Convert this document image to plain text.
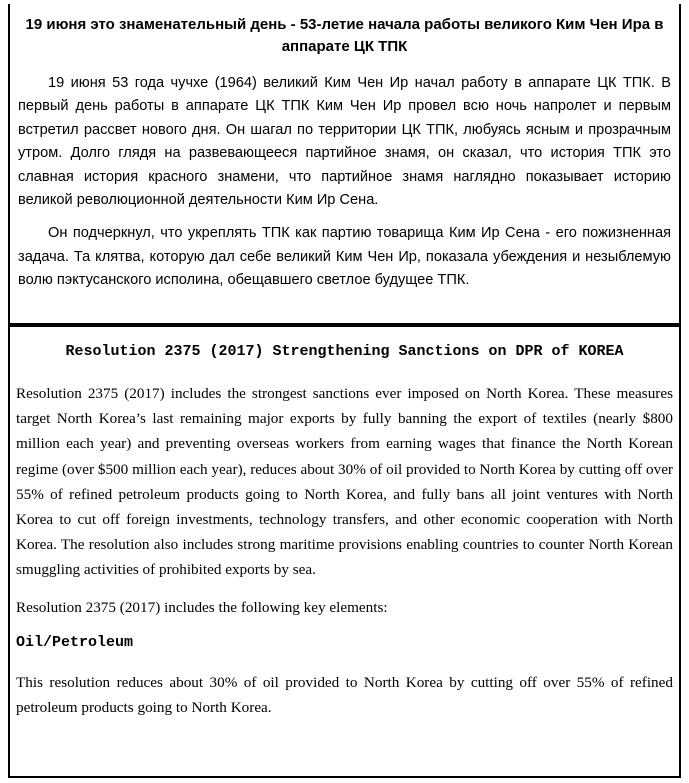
19 июня это знаменательный день - 53-летие начала работы великого Ким Чен Ира в аппарате ЦК ТПК

19 июня 53 года чучхе (1964) великий Ким Чен Ир начал работу в аппарате ЦК ТПК. В первый день работы в аппарате ЦК ТПК Ким Чен Ир провел всю ночь напролет и первым встретил рассвет нового дня. Он шагал по территории ЦК ТПК, любуясь ясным и прозрачным утром. Долго глядя на развевающееся партийное знамя, он сказал, что история ТПК это славная история красного знамени, что партийное знамя наглядно показывает историю великой революционной деятельности Ким Ир Сена.

Он подчеркнул, что укреплять ТПК как партию товарища Ким Ир Сена - его пожизненная задача. Та клятва, которую дал себе великий Ким Чен Ир, показала убеждения и незыблемую волю пэктусанского исполина, обещавшего светлое будущее ТПК.

Resolution 2375 (2017) Strengthening Sanctions on DPR of KOREA

Resolution 2375 (2017) includes the strongest sanctions ever imposed on North Korea. These measures target North Korea’s last remaining major exports by fully banning the export of textiles (nearly $800 million each year) and preventing overseas workers from earning wages that finance the North Korean regime (over $500 million each year), reduces about 30% of oil provided to North Korea by cutting off over 55% of refined petroleum products going to North Korea, and fully bans all joint ventures with North Korea to cut off foreign investments, technology transfers, and other economic cooperation with North Korea. The resolution also includes strong maritime provisions enabling countries to counter North Korean smuggling activities of prohibited exports by sea.

Resolution 2375 (2017) includes the following key elements:

Oil/Petroleum

This resolution reduces about 30% of oil provided to North Korea by cutting off over 55% of refined petroleum products going to North Korea.
